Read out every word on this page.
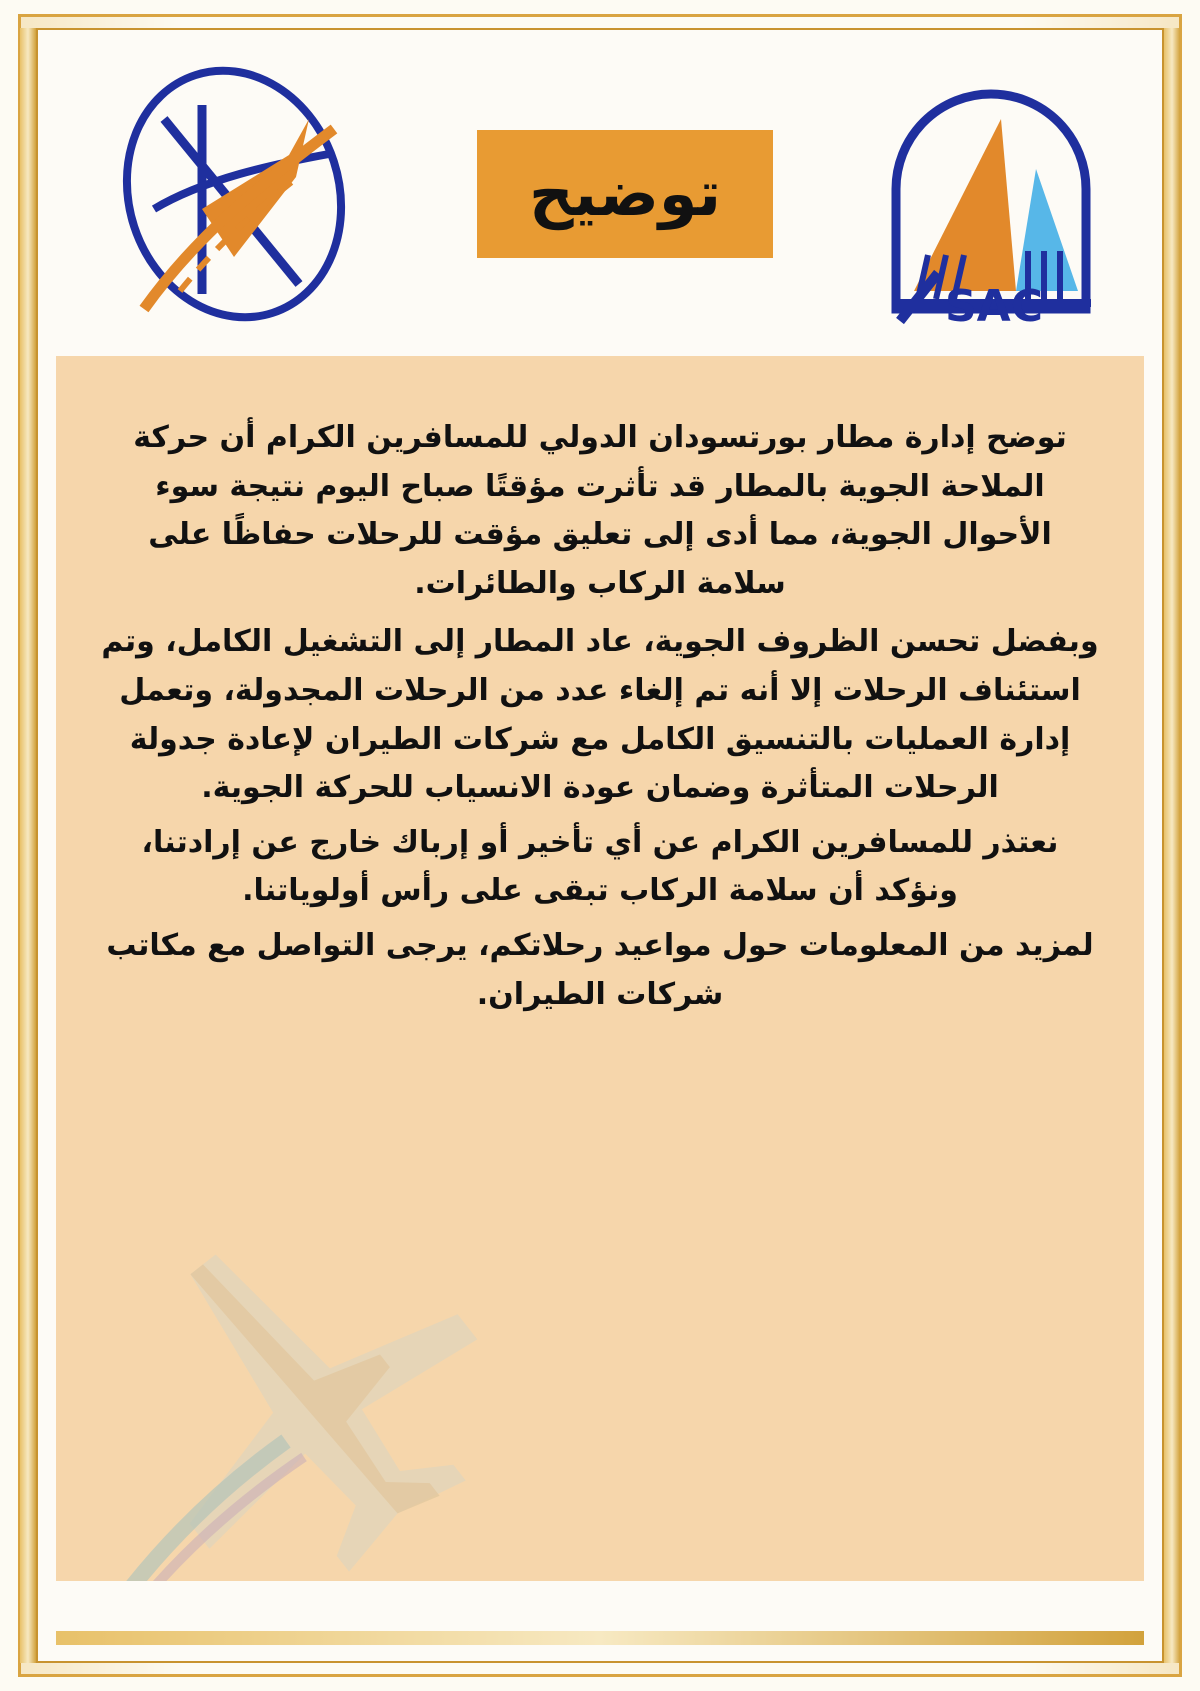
SAC
توضيح

توضح إدارة مطار بورتسودان الدولي للمسافرين الكرام أن حركة الملاحة الجوية بالمطار قد تأثرت مؤقتًا صباح اليوم نتيجة سوء الأحوال الجوية، مما أدى إلى تعليق مؤقت للرحلات حفاظًا على سلامة الركاب والطائرات.

وبفضل تحسن الظروف الجوية، عاد المطار إلى التشغيل الكامل، وتم استئناف الرحلات إلا أنه تم إلغاء عدد من الرحلات المجدولة، وتعمل إدارة العمليات بالتنسيق الكامل مع شركات الطيران لإعادة جدولة الرحلات المتأثرة وضمان عودة الانسياب للحركة الجوية.

نعتذر للمسافرين الكرام عن أي تأخير أو إرباك خارج عن إرادتنا، ونؤكد أن سلامة الركاب تبقى على رأس أولوياتنا.

لمزيد من المعلومات حول مواعيد رحلاتكم، يرجى التواصل مع مكاتب شركات الطيران.
